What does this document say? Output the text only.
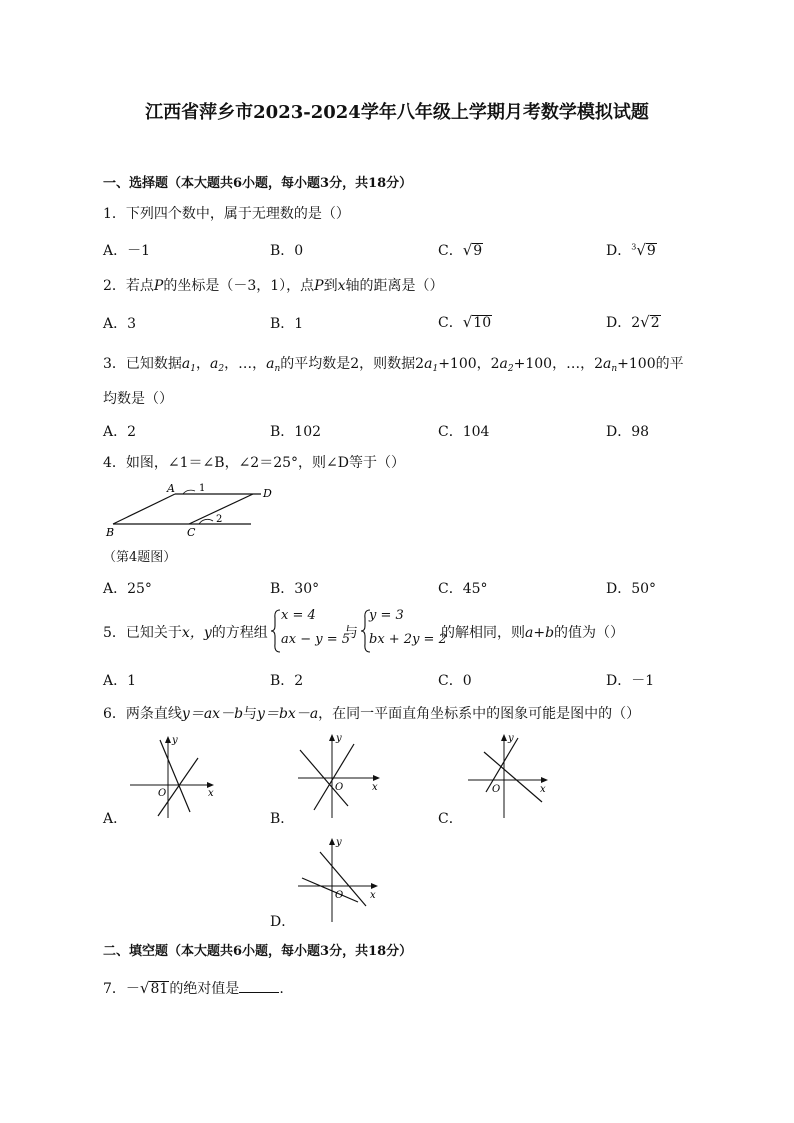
江西省萍乡市2023-2024学年八年级上学期月考数学模拟试题
一、选择题（本大题共6小题，每小题3分，共18分）
1．下列四个数中，属于无理数的是（）
A．－1	B．0	C．√9	D．$^3$√9
2．若点P的坐标是（－3，1），点P到x轴的距离是（）
A．3	B．1	C．√10	D．2√2
3．已知数据$a_1$，$a_2$，…，$a_n$的平均数是2，则数据$2a_1+100$，$2a_2+100$，…，$2a_n+100$的平
均数是（）
A．2	B．102	C．104	D．98
4．如图，∠1＝∠B，∠2＝25°，则∠D等于（）
A 1	D
B	C
2
（第4题图）
A．25°	B．30°	C．45°	D．50°
5．已知关于x，y的方程组
x = 4
ax − y = 5
与
y = 3
bx + 2y = 2
的解相同，则a+b的值为（）
A．1	B．2	C．0	D．－1
6．两条直线y＝ax－b与y＝bx－a，在同一平面直角坐标系中的图象可能是图中的（）
y
x
O
A．
y
x
O
B．
y
x
O
C．
y
x
O
D．
二、填空题（本大题共6小题，每小题3分，共18分）
7．－√81的绝对值是	.
